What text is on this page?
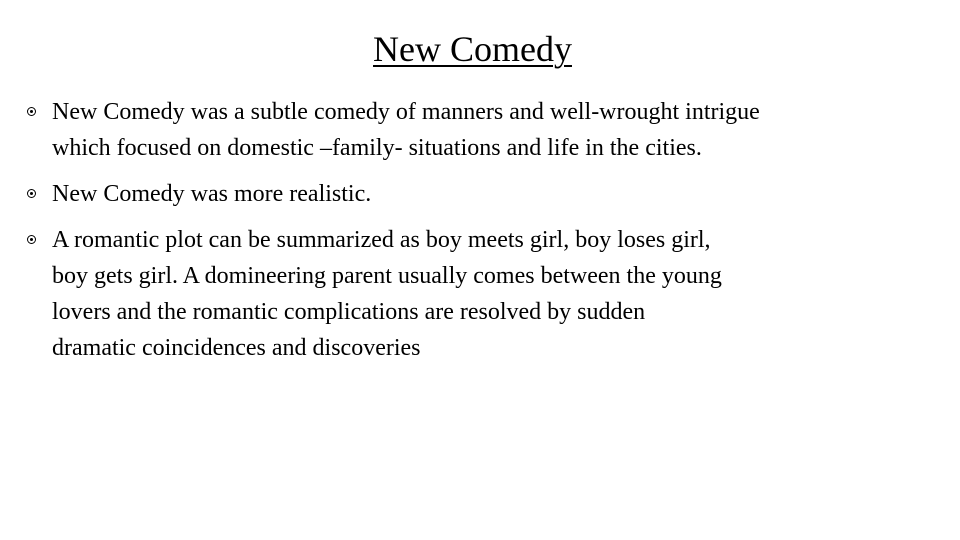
New Comedy
New Comedy was a subtle comedy of manners and well-wrought intrigue
which focused on domestic –family- situations and life in the cities.
New Comedy was more realistic.
A romantic plot can be summarized as boy meets girl, boy loses girl,
boy gets girl. A domineering parent usually comes between the young
lovers and the romantic complications are resolved by sudden
dramatic coincidences and discoveries
